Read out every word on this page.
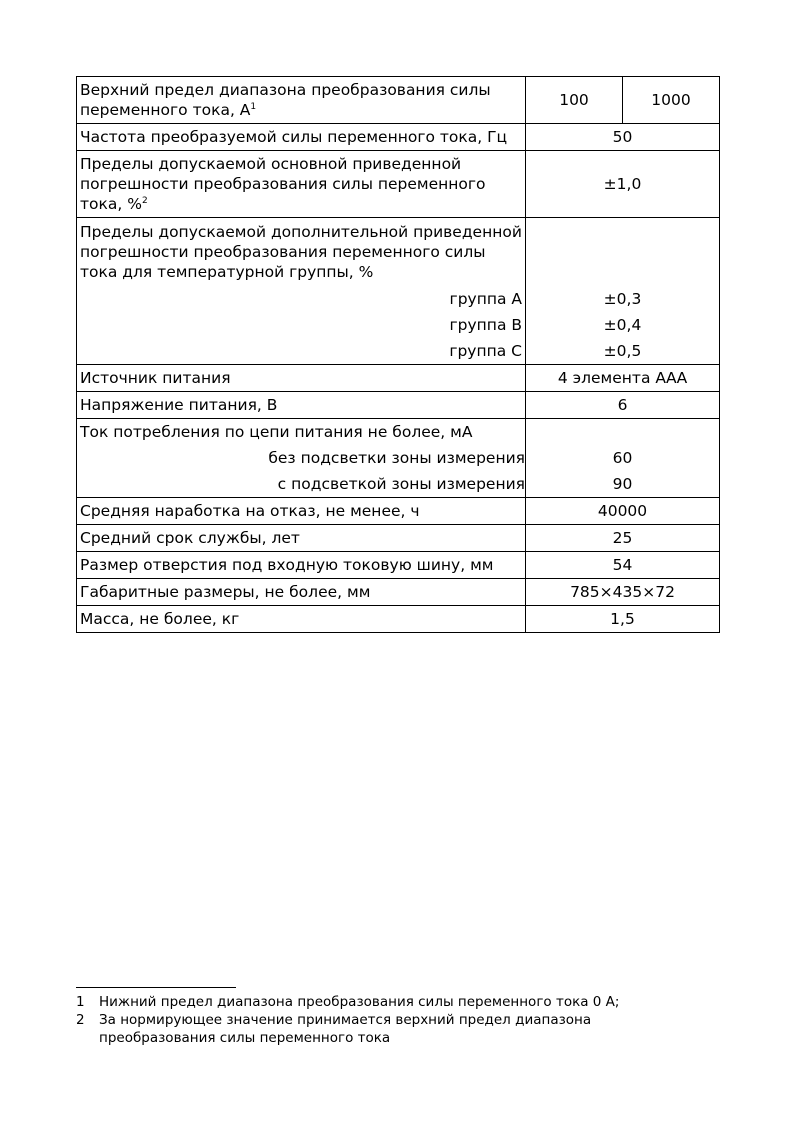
Верхний предел диапазона преобразования силы переменного тока, $А^1$	100	1000
Частота преобразуемой силы переменного тока, Гц	50	
Пределы допускаемой основной приведенной погрешности преобразования силы переменного тока, %$^2$	±1,0	
Пределы допускаемой дополнительной приведенной погрешности преобразования переменного силы тока для температурной группы, %		
группа А	±0,3	
группа В	±0,4	
группа С	±0,5	
Источник питания	4 элемента ААА	
Напряжение питания, В	6	
Ток потребления по цепи питания не более, мА		
без подсветки зоны измерения	60	
с подсветкой зоны измерения	90	
Средняя наработка на отказ, не менее, ч	40000	
Средний срок службы, лет	25	
Размер отверстия под входную токовую шину, мм	54	
Габаритные размеры, не более, мм	785×435×72	
Масса, не более, кг	1,5	
1 Нижний предел диапазона преобразования силы переменного тока 0 А;
2 За нормирующее значение принимается верхний предел диапазона преобразования силы переменного тока
